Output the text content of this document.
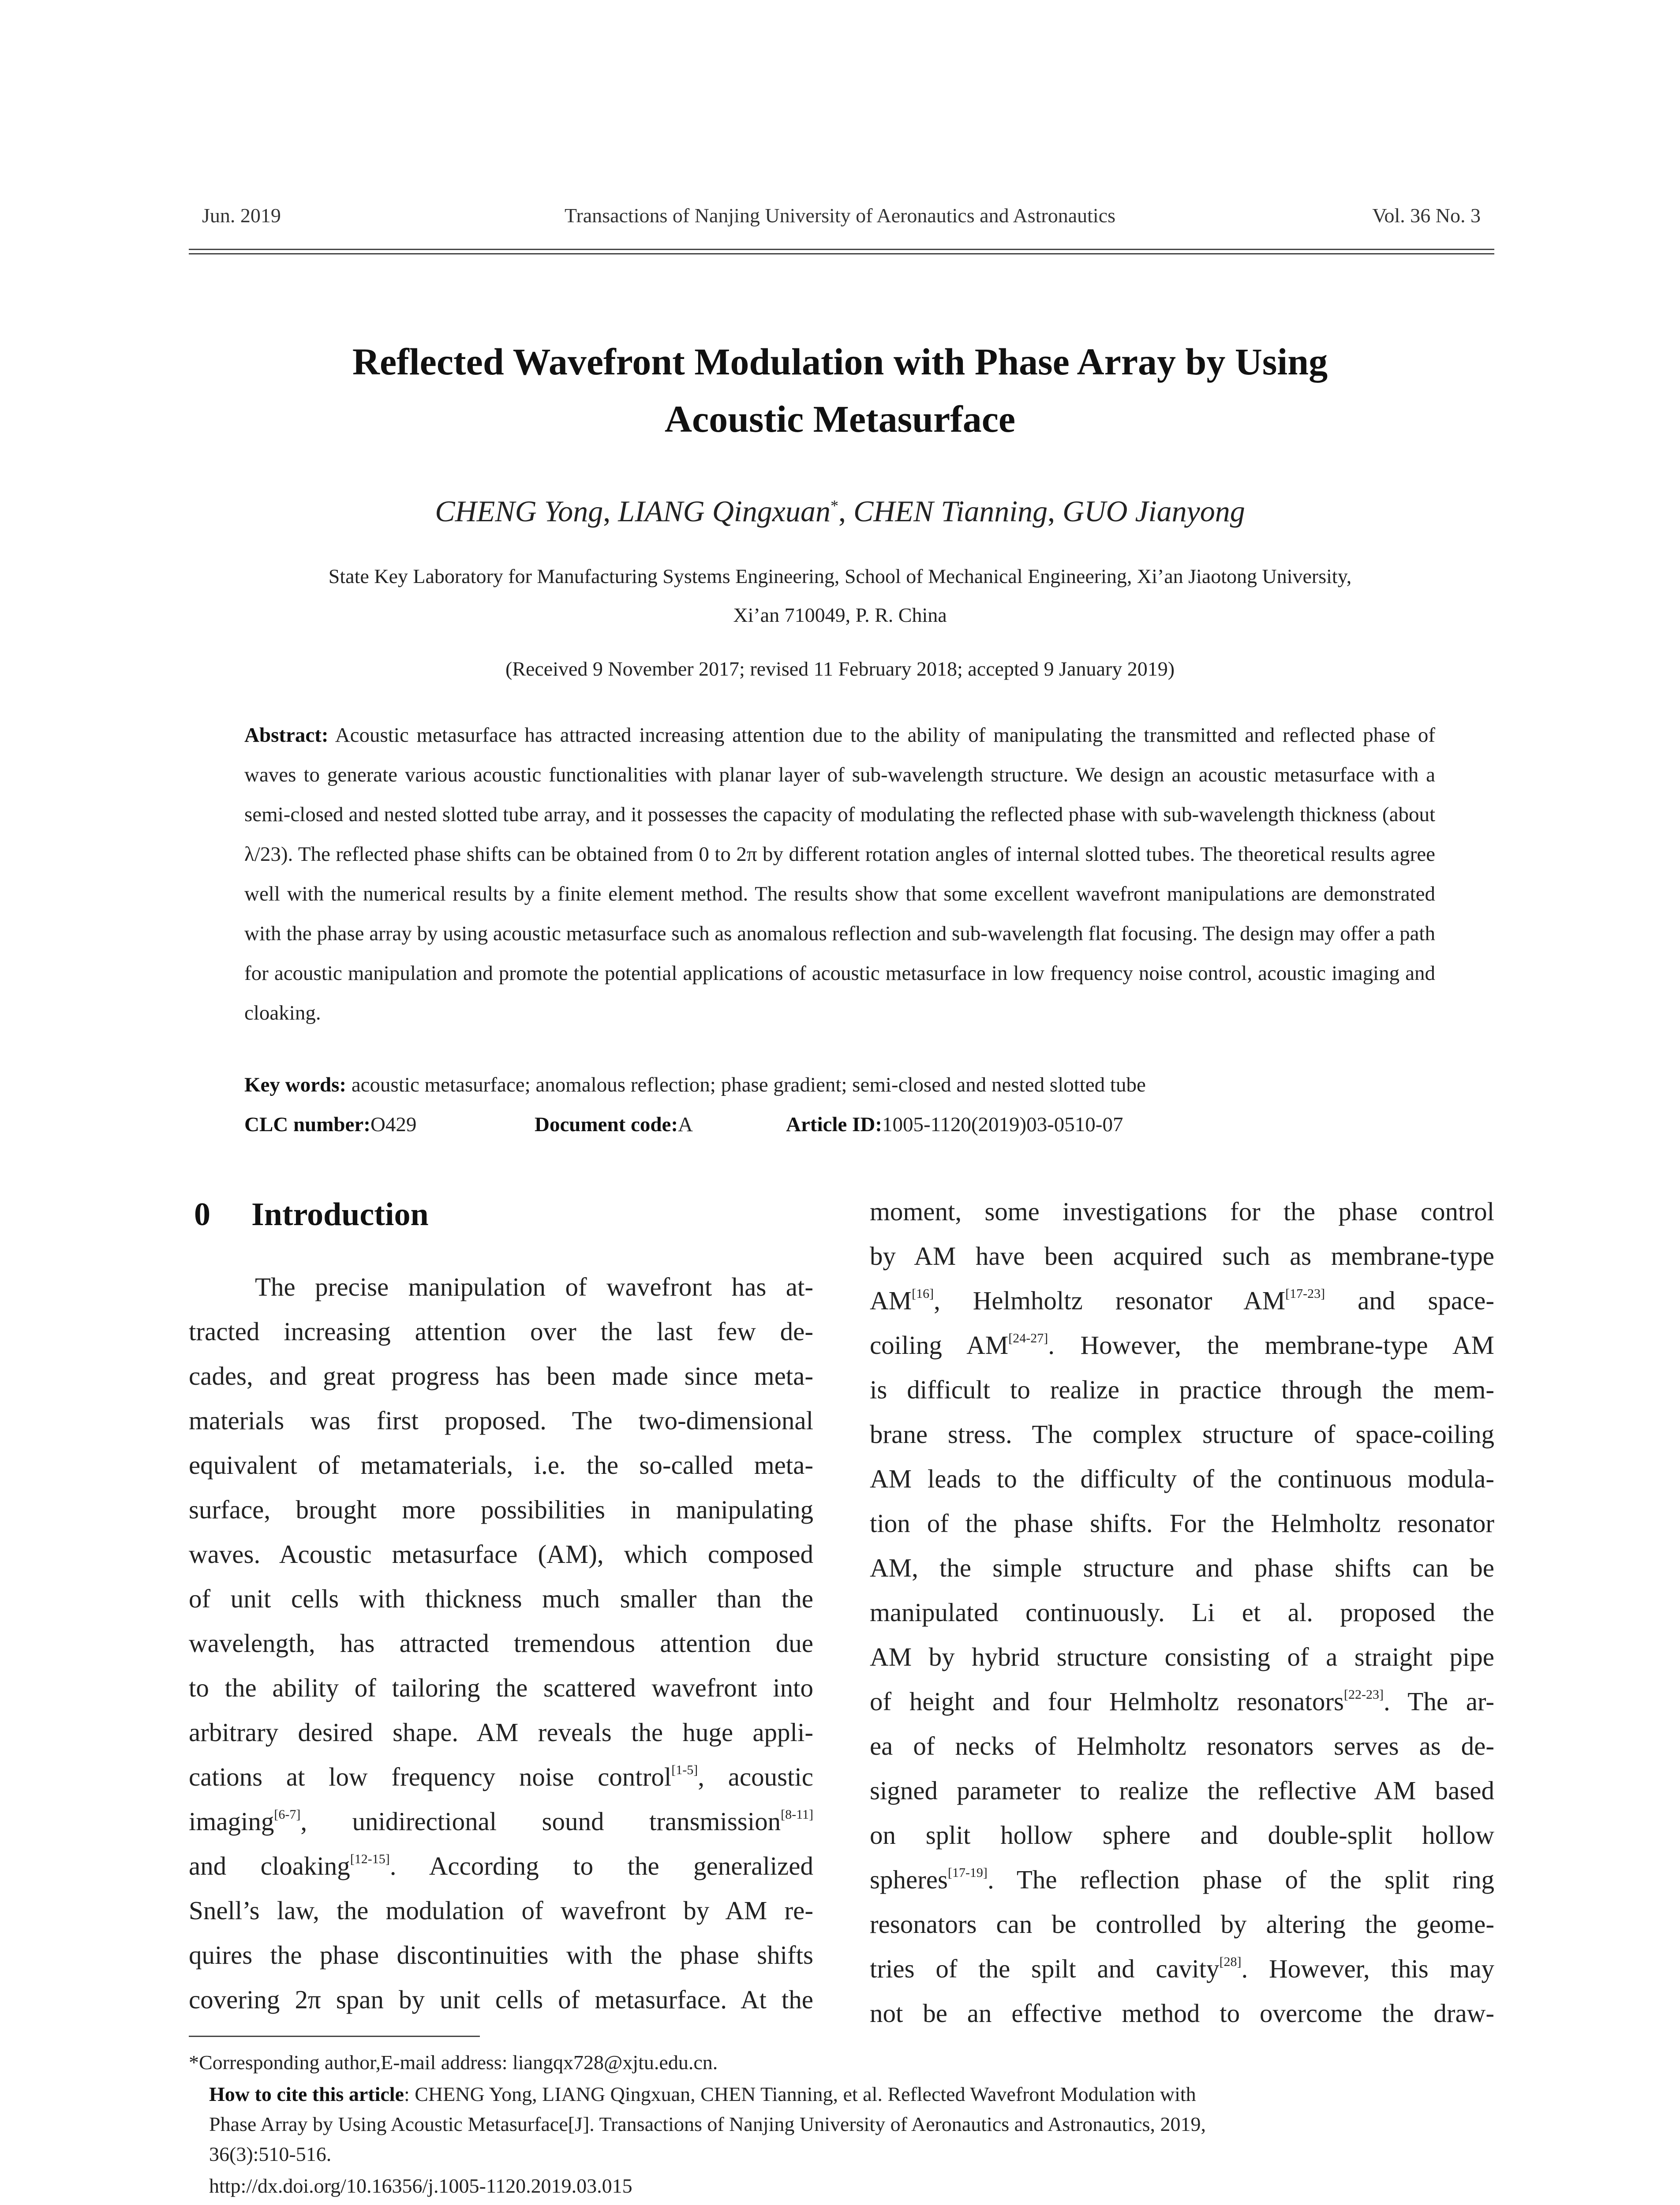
Jun. 2019	Transactions of Nanjing University of Aeronautics and Astronautics	Vol. 36 No. 3
Reflected Wavefront Modulation with Phase Array by Using
Acoustic Metasurface
CHENG Yong, LIANG Qingxuan*, CHEN Tianning, GUO Jianyong
State Key Laboratory for Manufacturing Systems Engineering, School of Mechanical Engineering, Xi’an Jiaotong University,
Xi’an 710049, P. R. China
(Received 9 November 2017; revised 11 February 2018; accepted 9 January 2019)
Abstract: Acoustic metasurface has attracted increasing attention due to the ability of manipulating the transmitted and reflected phase of waves to generate various acoustic functionalities with planar layer of sub-wavelength structure. We design an acoustic metasurface with a semi-closed and nested slotted tube array, and it possesses the capacity of modulating the reflected phase with sub-wavelength thickness (about λ/23). The reflected phase shifts can be obtained from 0 to 2π by different rotation angles of internal slotted tubes. The theoretical results agree well with the numerical results by a finite element method. The results show that some excellent wavefront manipulations are demonstrated with the phase array by using acoustic metasurface such as anomalous reflection and sub-wavelength flat focusing. The design may offer a path for acoustic manipulation and promote the potential applications of acoustic metasurface in low frequency noise control, acoustic imaging and cloaking.
Key words: acoustic metasurface; anomalous reflection; phase gradient; semi-closed and nested slotted tube
CLC number:O429	Document code:A	Article ID:1005-1120(2019)03-0510-07
0 Introduction
The precise manipulation of wavefront has at-
tracted increasing attention over the last few de-
cades, and great progress has been made since meta-
materials was first proposed. The two-dimensional
equivalent of metamaterials, i.e. the so-called meta-
surface, brought more possibilities in manipulating
waves. Acoustic metasurface (AM), which composed
of unit cells with thickness much smaller than the
wavelength, has attracted tremendous attention due
to the ability of tailoring the scattered wavefront into
arbitrary desired shape. AM reveals the huge appli-
cations at low frequency noise control[1-5], acoustic
imaging[6-7], unidirectional sound transmission[8-11]
and cloaking[12-15]. According to the generalized
Snell’s law, the modulation of wavefront by AM re-
quires the phase discontinuities with the phase shifts
covering 2π span by unit cells of metasurface. At the
moment, some investigations for the phase control
by AM have been acquired such as membrane-type
AM[16], Helmholtz resonator AM[17-23] and space-
coiling AM[24-27]. However, the membrane-type AM
is difficult to realize in practice through the mem-
brane stress. The complex structure of space-coiling
AM leads to the difficulty of the continuous modula-
tion of the phase shifts. For the Helmholtz resonator
AM, the simple structure and phase shifts can be
manipulated continuously. Li et al. proposed the
AM by hybrid structure consisting of a straight pipe
of height and four Helmholtz resonators[22-23]. The ar-
ea of necks of Helmholtz resonators serves as de-
signed parameter to realize the reflective AM based
on split hollow sphere and double-split hollow
spheres[17-19]. The reflection phase of the split ring
resonators can be controlled by altering the geome-
tries of the spilt and cavity[28]. However, this may
not be an effective method to overcome the draw-
*Corresponding author,E-mail address: liangqx728@xjtu.edu.cn.
How to cite this article: CHENG Yong, LIANG Qingxuan, CHEN Tianning, et al. Reflected Wavefront Modulation with
Phase Array by Using Acoustic Metasurface[J]. Transactions of Nanjing University of Aeronautics and Astronautics, 2019,
36(3):510-516.
http://dx.doi.org/10.16356/j.1005-1120.2019.03.015
